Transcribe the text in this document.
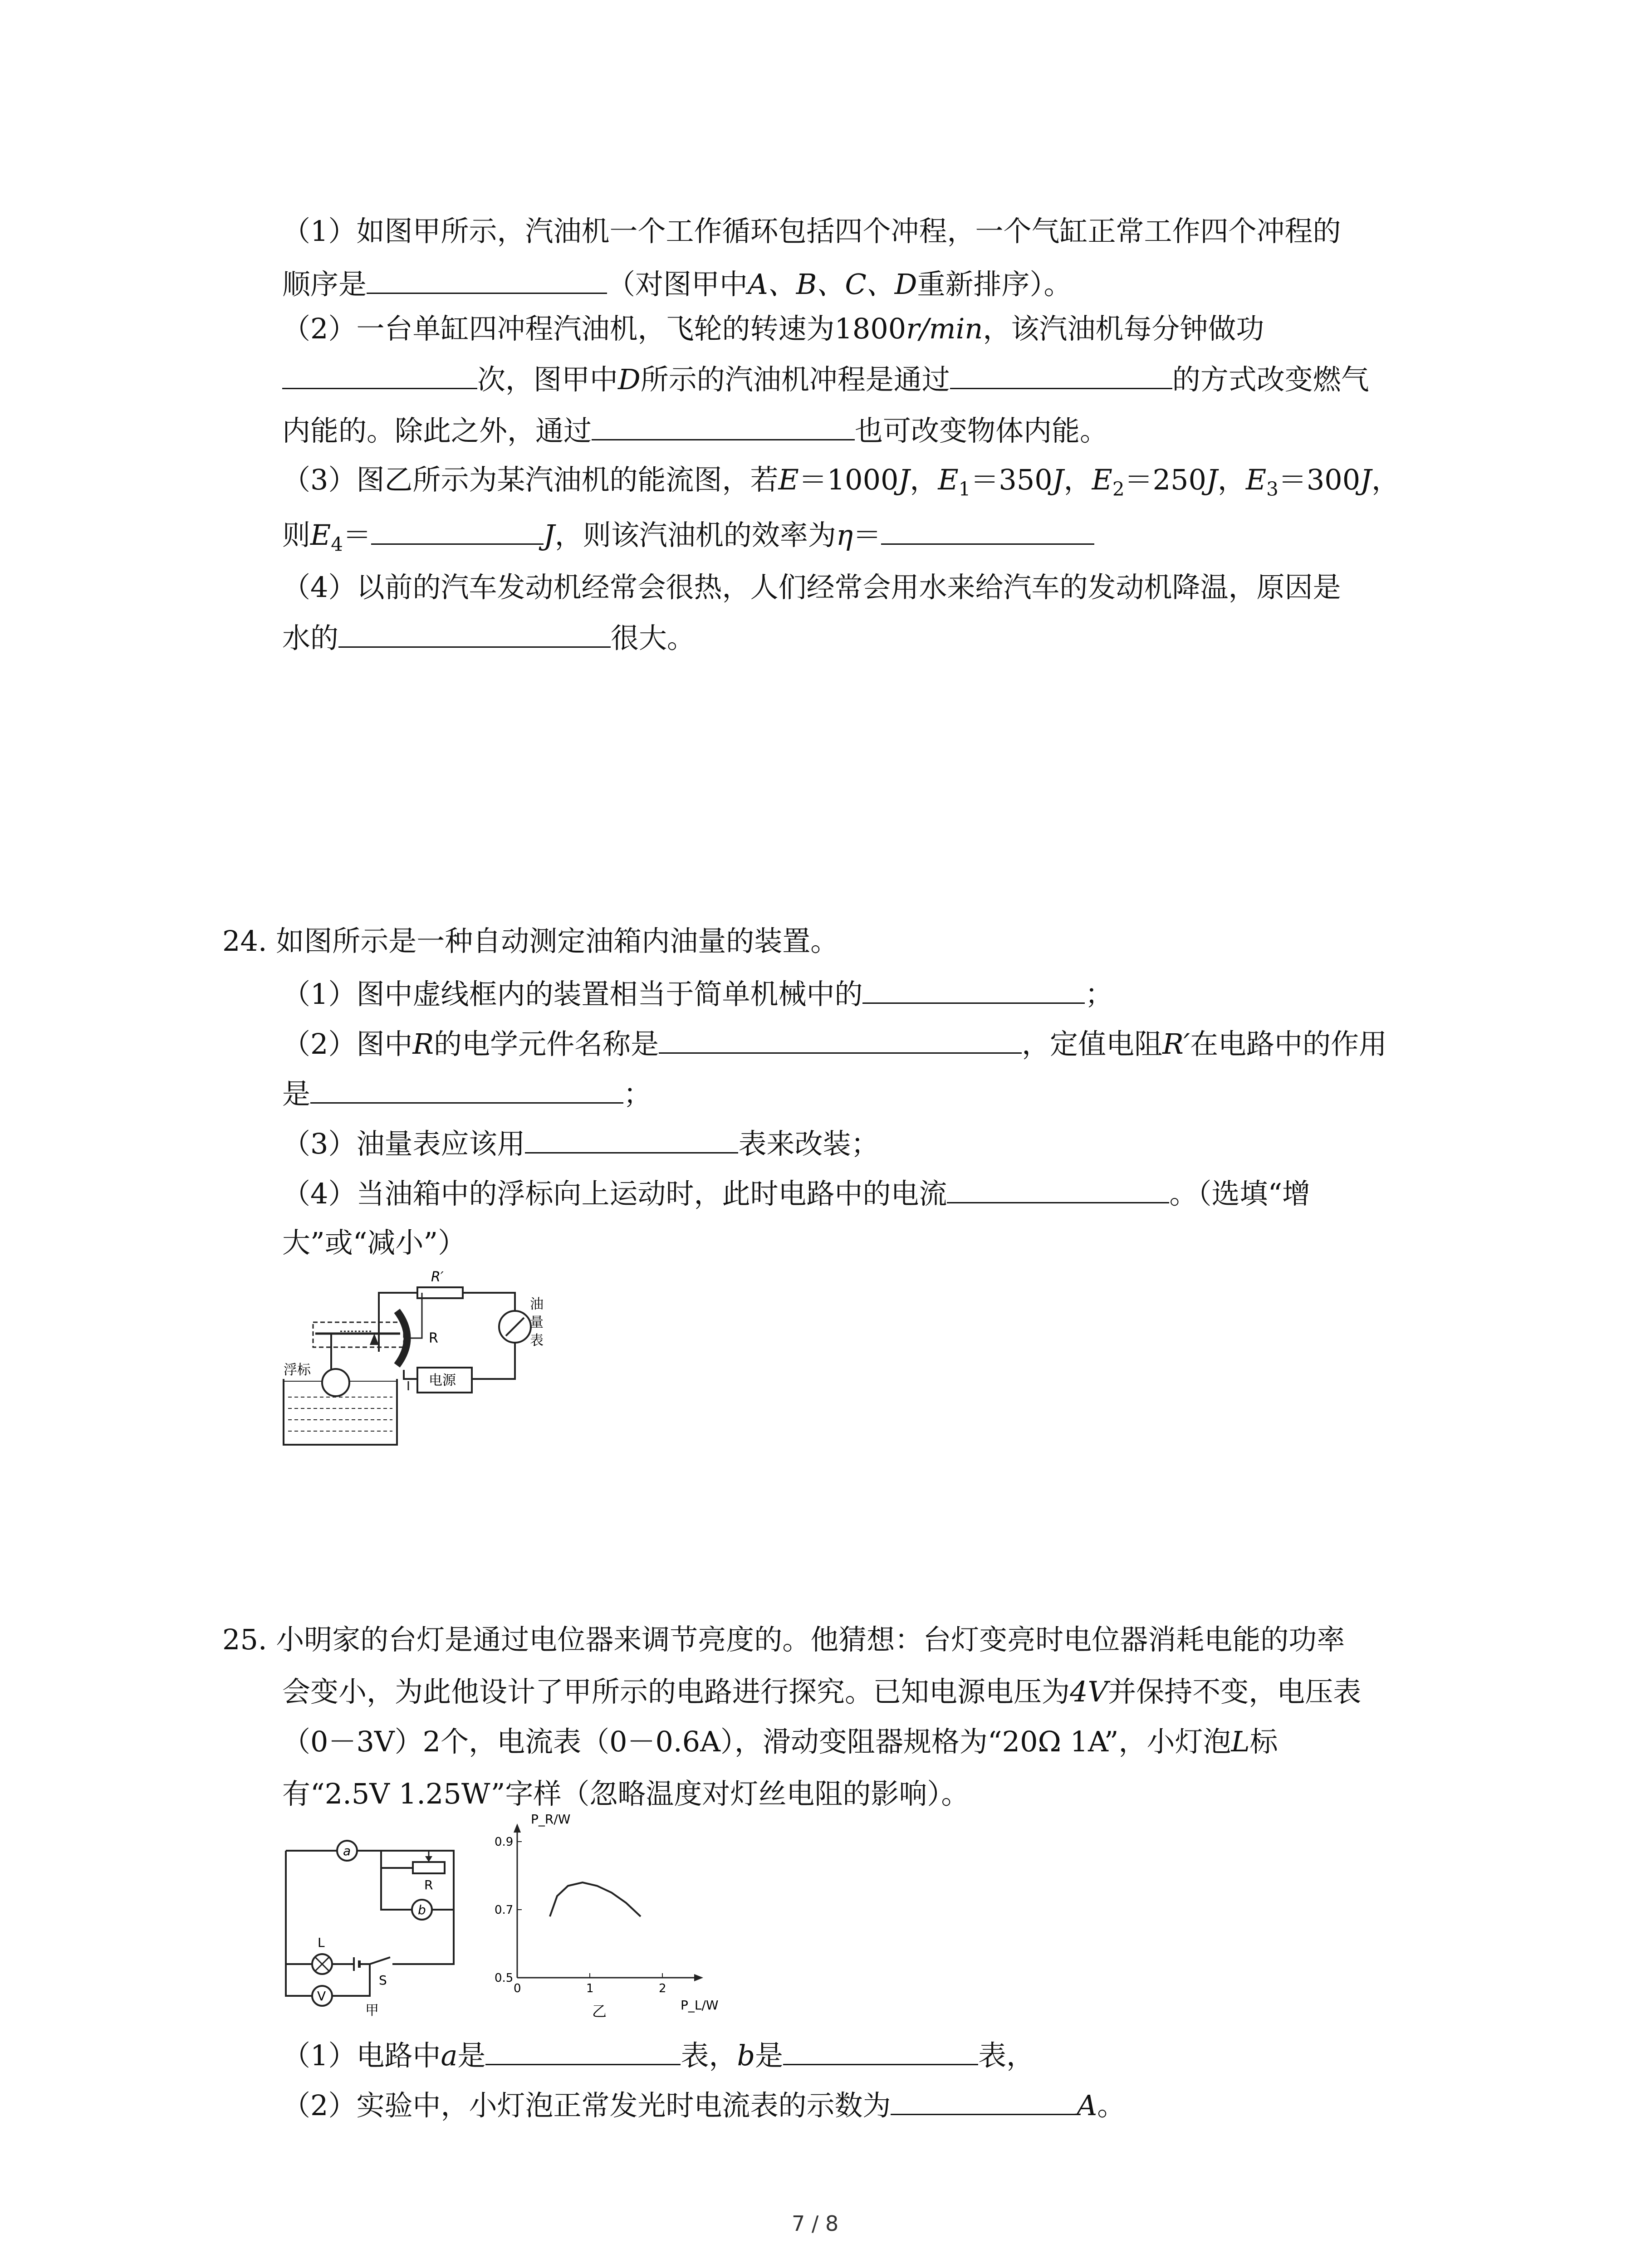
（1）如图甲所示，汽油机一个工作循环包括四个冲程，一个气缸正常工作四个冲程的
顺序是	（对图甲中A、B、C、D重新排序）。
（2）一台单缸四冲程汽油机，飞轮的转速为1800r/min，该汽油机每分钟做功
次，图甲中D所示的汽油机冲程是通过	的方式改变燃气
内能的。除此之外，通过	也可改变物体内能。
（3）图乙所示为某汽油机的能流图，若E＝1000J，$E_1=350J$，$E_2=250J$，$E_3=300J$，
则$E_4=$	J，则该汽油机的效率为η＝
（4）以前的汽车发动机经常会很热，人们经常会用水来给汽车的发动机降温，原因是
水的	很大。
24. 如图所示是一种自动测定油箱内油量的装置。
（1）图中虚线框内的装置相当于简单机械中的	；
（2）图中R的电学元件名称是	，定值电阻R′在电路中的作用
是	；
（3）油量表应该用	表来改装；
（4）当油箱中的浮标向上运动时，此时电路中的电流	。（选填“增
大”或“减小”）
R′
油
量
表
电源
R
浮标
25. 小明家的台灯是通过电位器来调节亮度的。他猜想：台灯变亮时电位器消耗电能的功率
会变小，为此他设计了甲所示的电路进行探究。已知电源电压为4V并保持不变，电压表
（0－3V）2个，电流表（0－0.6A），滑动变阻器规格为“20Ω 1A”，小灯泡L标
有“2.5V 1.25W”字样（忽略温度对灯丝电阻的影响）。
a
R
b
L
S
V
甲
0	1	2
0.5
0.7
0.9
P_R/W
P_L/W
乙
（1）电路中a是	表，b是	表，
（2）实验中，小灯泡正常发光时电流表的示数为	A。
7 / 8
